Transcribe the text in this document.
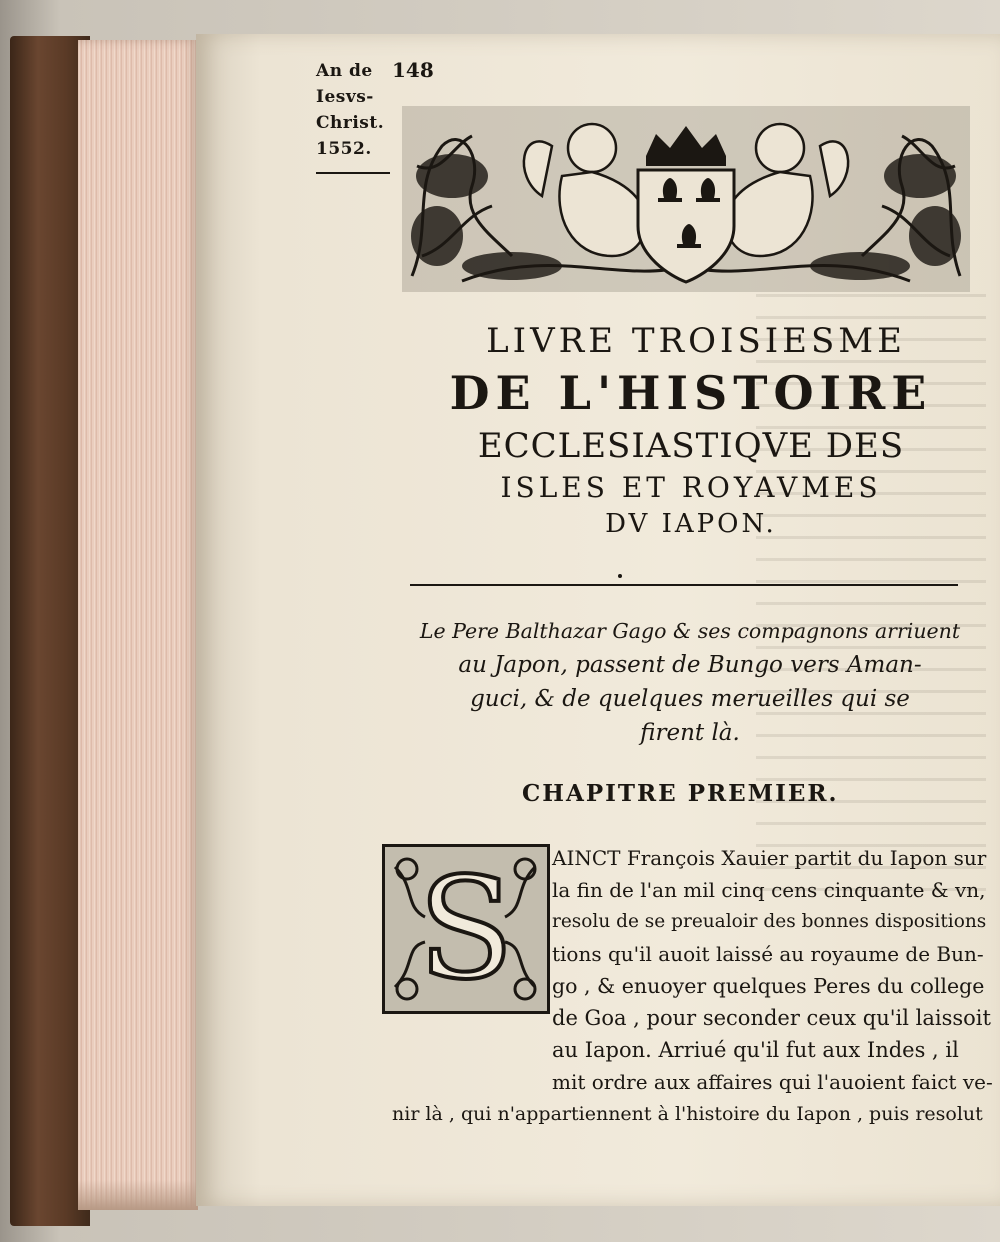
An de
Iesvs-
Christ.
1552.
148
LIVRE TROISIESME
DE L'HISTOIRE
ECCLESIASTIQVE DES
ISLES ET ROYAVMES
DV IAPON.
Le Pere Balthazar Gago & ses compagnons arriuent
au Japon, passent de Bungo vers Aman-
guci, & de quelques merueilles qui se
firent là.
CHAPITRE PREMIER.
S AINCT François Xauier partit du Iapon sur
la fin de l'an mil cinq cens cinquante & vn,
resolu de se preualoir des bonnes dispositions
tions qu'il auoit laissé au royaume de Bun-
go , & enuoyer quelques Peres du college
de Goa , pour seconder ceux qu'il laissoit
au Iapon. Arriué qu'il fut aux Indes , il
mit ordre aux affaires qui l'auoient faict ve-
nir là , qui n'appartiennent à l'histoire du Iapon , puis resolut
